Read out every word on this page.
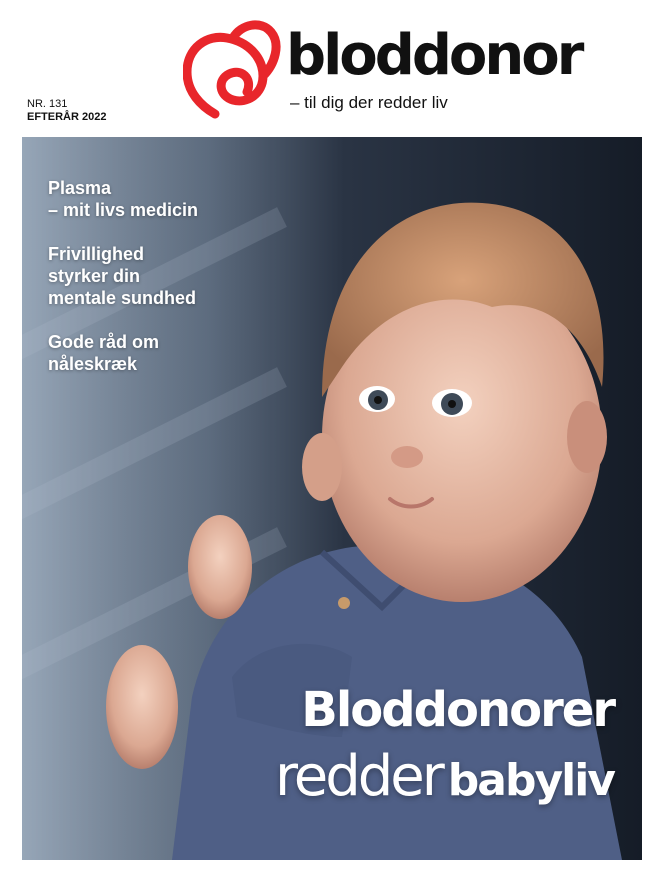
NR. 131
EFTERÅR 2022
bloddonor
– til dig der redder liv
Plasma
– mit livs medicin
Frivillighed
styrker din
mentale sundhed
Gode råd om
nåleskræk
Bloddonorer
redder babyliv
